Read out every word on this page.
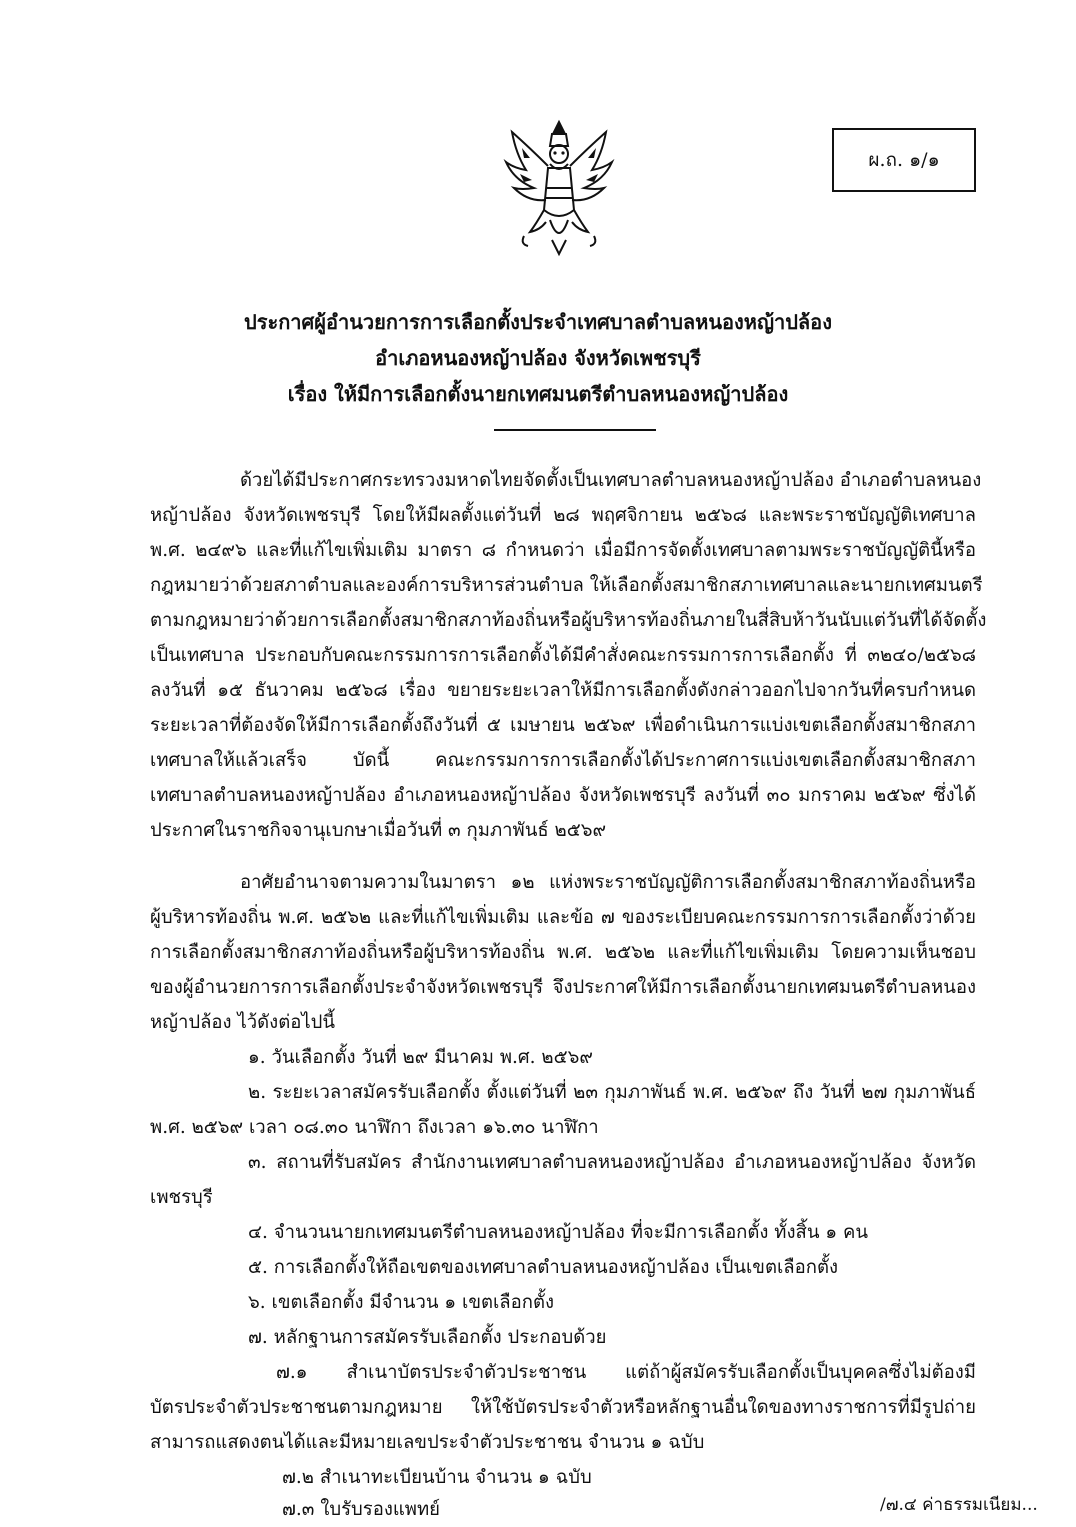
ผ.ถ. ๑/๑
ประกาศผู้อำนวยการการเลือกตั้งประจำเทศบาลตำบลหนองหญ้าปล้อง
อำเภอหนองหญ้าปล้อง จังหวัดเพชรบุรี
เรื่อง ให้มีการเลือกตั้งนายกเทศมนตรีตำบลหนองหญ้าปล้อง
ด้วยได้มีประกาศกระทรวงมหาดไทยจัดตั้งเป็นเทศบาลตำบลหนองหญ้าปล้อง อำเภอตำบลหนอง
หญ้าปล้อง จังหวัดเพชรบุรี โดยให้มีผลตั้งแต่วันที่ ๒๘ พฤศจิกายน ๒๕๖๘ และพระราชบัญญัติเทศบาล
พ.ศ. ๒๔๙๖ และที่แก้ไขเพิ่มเติม มาตรา ๘ กำหนดว่า เมื่อมีการจัดตั้งเทศบาลตามพระราชบัญญัตินี้หรือ
กฎหมายว่าด้วยสภาตำบลและองค์การบริหารส่วนตำบล ให้เลือกตั้งสมาชิกสภาเทศบาลและนายกเทศมนตรี
ตามกฎหมายว่าด้วยการเลือกตั้งสมาชิกสภาท้องถิ่นหรือผู้บริหารท้องถิ่นภายในสี่สิบห้าวันนับแต่วันที่ได้จัดตั้ง
เป็นเทศบาล ประกอบกับคณะกรรมการการเลือกตั้งได้มีคำสั่งคณะกรรมการการเลือกตั้ง ที่ ๓๒๔๐/๒๕๖๘
ลงวันที่ ๑๕ ธันวาคม ๒๕๖๘ เรื่อง ขยายระยะเวลาให้มีการเลือกตั้งดังกล่าวออกไปจากวันที่ครบกำหนด
ระยะเวลาที่ต้องจัดให้มีการเลือกตั้งถึงวันที่ ๕ เมษายน ๒๕๖๙ เพื่อดำเนินการแบ่งเขตเลือกตั้งสมาชิกสภา
เทศบาลให้แล้วเสร็จ บัดนี้ คณะกรรมการการเลือกตั้งได้ประกาศการแบ่งเขตเลือกตั้งสมาชิกสภา
เทศบาลตำบลหนองหญ้าปล้อง อำเภอหนองหญ้าปล้อง จังหวัดเพชรบุรี ลงวันที่ ๓๐ มกราคม ๒๕๖๙ ซึ่งได้
ประกาศในราชกิจจานุเบกษาเมื่อวันที่ ๓ กุมภาพันธ์ ๒๕๖๙
อาศัยอำนาจตามความในมาตรา ๑๒ แห่งพระราชบัญญัติการเลือกตั้งสมาชิกสภาท้องถิ่นหรือ
ผู้บริหารท้องถิ่น พ.ศ. ๒๕๖๒ และที่แก้ไขเพิ่มเติม และข้อ ๗ ของระเบียบคณะกรรมการการเลือกตั้งว่าด้วย
การเลือกตั้งสมาชิกสภาท้องถิ่นหรือผู้บริหารท้องถิ่น พ.ศ. ๒๕๖๒ และที่แก้ไขเพิ่มเติม โดยความเห็นชอบ
ของผู้อำนวยการการเลือกตั้งประจำจังหวัดเพชรบุรี จึงประกาศให้มีการเลือกตั้งนายกเทศมนตรีตำบลหนอง
หญ้าปล้อง ไว้ดังต่อไปนี้
๑. วันเลือกตั้ง วันที่ ๒๙ มีนาคม พ.ศ. ๒๕๖๙
๒. ระยะเวลาสมัครรับเลือกตั้ง ตั้งแต่วันที่ ๒๓ กุมภาพันธ์ พ.ศ. ๒๕๖๙ ถึง วันที่ ๒๗ กุมภาพันธ์
พ.ศ. ๒๕๖๙ เวลา ๐๘.๓๐ นาฬิกา ถึงเวลา ๑๖.๓๐ นาฬิกา
๓. สถานที่รับสมัคร สำนักงานเทศบาลตำบลหนองหญ้าปล้อง อำเภอหนองหญ้าปล้อง จังหวัด
เพชรบุรี
๔. จำนวนนายกเทศมนตรีตำบลหนองหญ้าปล้อง ที่จะมีการเลือกตั้ง ทั้งสิ้น ๑ คน
๕. การเลือกตั้งให้ถือเขตของเทศบาลตำบลหนองหญ้าปล้อง เป็นเขตเลือกตั้ง
๖. เขตเลือกตั้ง มีจำนวน ๑ เขตเลือกตั้ง
๗. หลักฐานการสมัครรับเลือกตั้ง ประกอบด้วย
๗.๑ สำเนาบัตรประจำตัวประชาชน แต่ถ้าผู้สมัครรับเลือกตั้งเป็นบุคคลซึ่งไม่ต้องมี
บัตรประจำตัวประชาชนตามกฎหมาย ให้ใช้บัตรประจำตัวหรือหลักฐานอื่นใดของทางราชการที่มีรูปถ่าย
สามารถแสดงตนได้และมีหมายเลขประจำตัวประชาชน จำนวน ๑ ฉบับ
๗.๒ สำเนาทะเบียนบ้าน จำนวน ๑ ฉบับ
๗.๓ ใบรับรองแพทย์	/๗.๔ ค่าธรรมเนียม...
